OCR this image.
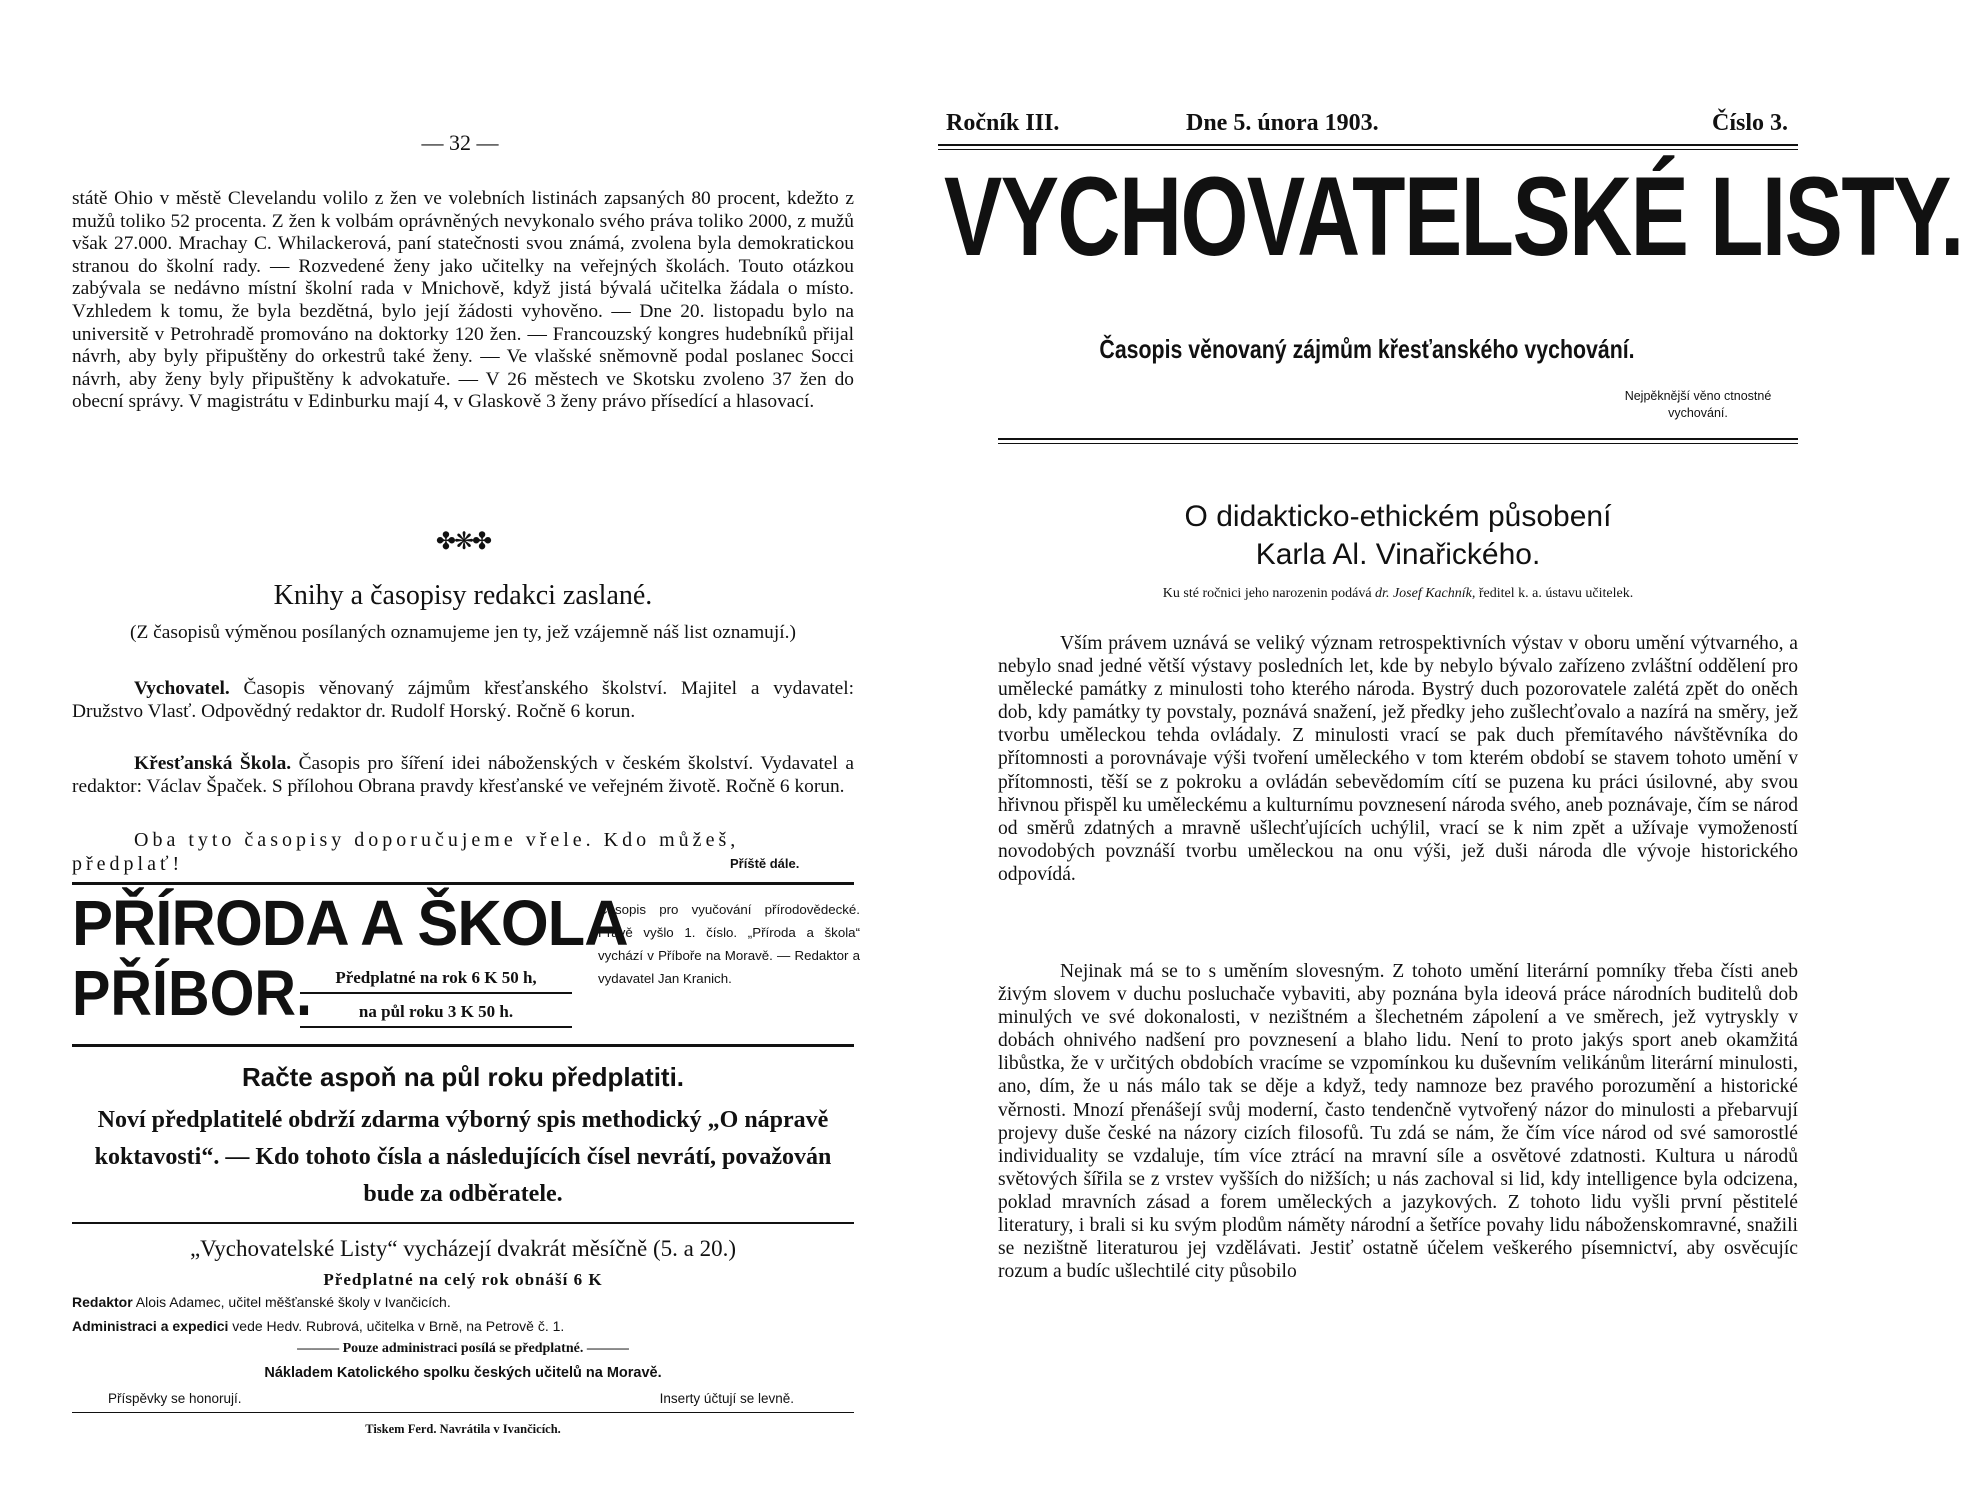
— 32 —

státě Ohio v městě Clevelandu volilo z žen ve volebních listinách zapsaných 80 procent, kdežto z mužů toliko 52 procenta. Z žen k volbám oprávněných nevykonalo svého práva toliko 2000, z mužů však 27.000. Mrachay C. Whilackerová, paní statečnosti svou známá, zvolena byla demokratickou stranou do školní rady. — Rozvedené ženy jako učitelky na veřejných školách. Touto otázkou zabývala se nedávno místní školní rada v Mnichově, když jistá bývalá učitelka žádala o místo. Vzhledem k tomu, že byla bezdětná, bylo její žádosti vyhověno. — Dne 20. listopadu bylo na universitě v Petrohradě promováno na doktorky 120 žen. — Francouzský kongres hudebníků přijal návrh, aby byly připuštěny do orkestrů také ženy. — Ve vlašské sněmovně podal poslanec Socci návrh, aby ženy byly připuštěny k advokatuře. — V 26 městech ve Skotsku zvoleno 37 žen do obecní správy. V magistrátu v Edinburku mají 4, v Glaskově 3 ženy právo přísedící a hlasovací.

✤❋✤
Knihy a časopisy redakci zaslané.
(Z časopisů výměnou posílaných oznamujeme jen ty, jež vzájemně náš list oznamují.)

Vychovatel. Časopis věnovaný zájmům křesťanského školství. Majitel a vydavatel: Družstvo Vlasť. Odpovědný redaktor dr. Rudolf Horský. Ročně 6 korun.

Křesťanská Škola. Časopis pro šíření idei náboženských v českém školství. Vydavatel a redaktor: Václav Špaček. S přílohou Obrana pravdy křesťanské ve veřejném životě. Ročně 6 korun.

Oba tyto časopisy doporučujeme vřele. Kdo můžeš, předplať!	Příště dále.
PŘÍRODA A ŠKOLA
PŘÍBOR.	Předplatné na rok 6 K 50 h,
na půl roku 3 K 50 h.
Časopis pro vyučování přírodovědecké. Právě vyšlo 1. číslo. „Příroda a škola“ vychází v Příboře na Moravě. — Redaktor a vydavatel Jan Kranich.
Račte aspoň na půl roku předplatiti.
Noví předplatitelé obdrží zdarma výborný spis methodický „O nápravě koktavosti“. — Kdo tohoto čísla a následujících čísel nevrátí, považován bude za odběratele.
„Vychovatelské Listy“ vycházejí dvakrát měsíčně (5. a 20.)
Předplatné na celý rok obnáší 6 K
Redaktor Alois Adamec, učitel měšťanské školy v Ivančicích.
Administraci a expedici vede Hedv. Rubrová, učitelka v Brně, na Petrově č. 1.
——— Pouze administraci posílá se předplatné. ———
Nákladem Katolického spolku českých učitelů na Moravě.
Příspěvky se honorují.	Inserty účtují se levně.
Tiskem Ferd. Navrátila v Ivančicích.
Ročník III.	Dne 5. února 1903.	Číslo 3.
VYCHOVATELSKÉ LISTY.
Časopis věnovaný zájmům křesťanského vychování.
Nejpěknější věno ctnostné vychování.
O didakticko-ethickém působení
Karla Al. Vinařického.
Ku sté ročnici jeho narozenin podává dr. Josef Kachník, ředitel k. a. ústavu učitelek.

Vším právem uznává se veliký význam retrospektivních výstav v oboru umění výtvarného, a nebylo snad jedné větší výstavy posledních let, kde by nebylo bývalo zařízeno zvláštní oddělení pro umělecké památky z minulosti toho kterého národa. Bystrý duch pozorovatele zalétá zpět do oněch dob, kdy památky ty povstaly, poznává snažení, jež předky jeho zušlechťovalo a nazírá na směry, jež tvorbu uměleckou tehda ovládaly. Z minulosti vrací se pak duch přemítavého návštěvníka do přítomnosti a porovnávaje výši tvoření uměleckého v tom kterém období se stavem tohoto umění v přítomnosti, těší se z pokroku a ovládán sebevědomím cítí se puzena ku práci úsilovné, aby svou hřivnou přispěl ku uměleckému a kulturnímu povznesení národa svého, aneb poznávaje, čím se národ od směrů zdatných a mravně ušlechťujících uchýlil, vrací se k nim zpět a užívaje vymožeností novodobých povznáší tvorbu uměleckou na onu výši, jež duši národa dle vývoje historického odpovídá.

Nejinak má se to s uměním slovesným. Z tohoto umění literární pomníky třeba čísti aneb živým slovem v duchu posluchače vybaviti, aby poznána byla ideová práce národních buditelů dob minulých ve své dokonalosti, v nezištném a šlechetném zápolení a ve směrech, jež vytryskly v dobách ohnivého nadšení pro povznesení a blaho lidu. Není to proto jakýs sport aneb okamžitá libůstka, že v určitých obdobích vracíme se vzpomínkou ku duševním velikánům literární minulosti, ano, dím, že u nás málo tak se děje a když, tedy namnoze bez pravého porozumění a historické věrnosti. Mnozí přenášejí svůj moderní, často tendenčně vytvořený názor do minulosti a přebarvují projevy duše české na názory cizích filosofů. Tu zdá se nám, že čím více národ od své samorostlé individuality se vzdaluje, tím více ztrácí na mravní síle a osvětové zdatnosti. Kultura u národů světových šířila se z vrstev vyšších do nižších; u nás zachoval si lid, kdy intelligence byla odcizena, poklad mravních zásad a forem uměleckých a jazykových. Z tohoto lidu vyšli první pěstitelé literatury, i brali si ku svým plodům náměty národní a šetříce povahy lidu náboženskomravné, snažili se nezištně literaturou jej vzdělávati. Jestiť ostatně účelem veškerého písemnictví, aby osvěcujíc rozum a budíc ušlechtilé city působilo
